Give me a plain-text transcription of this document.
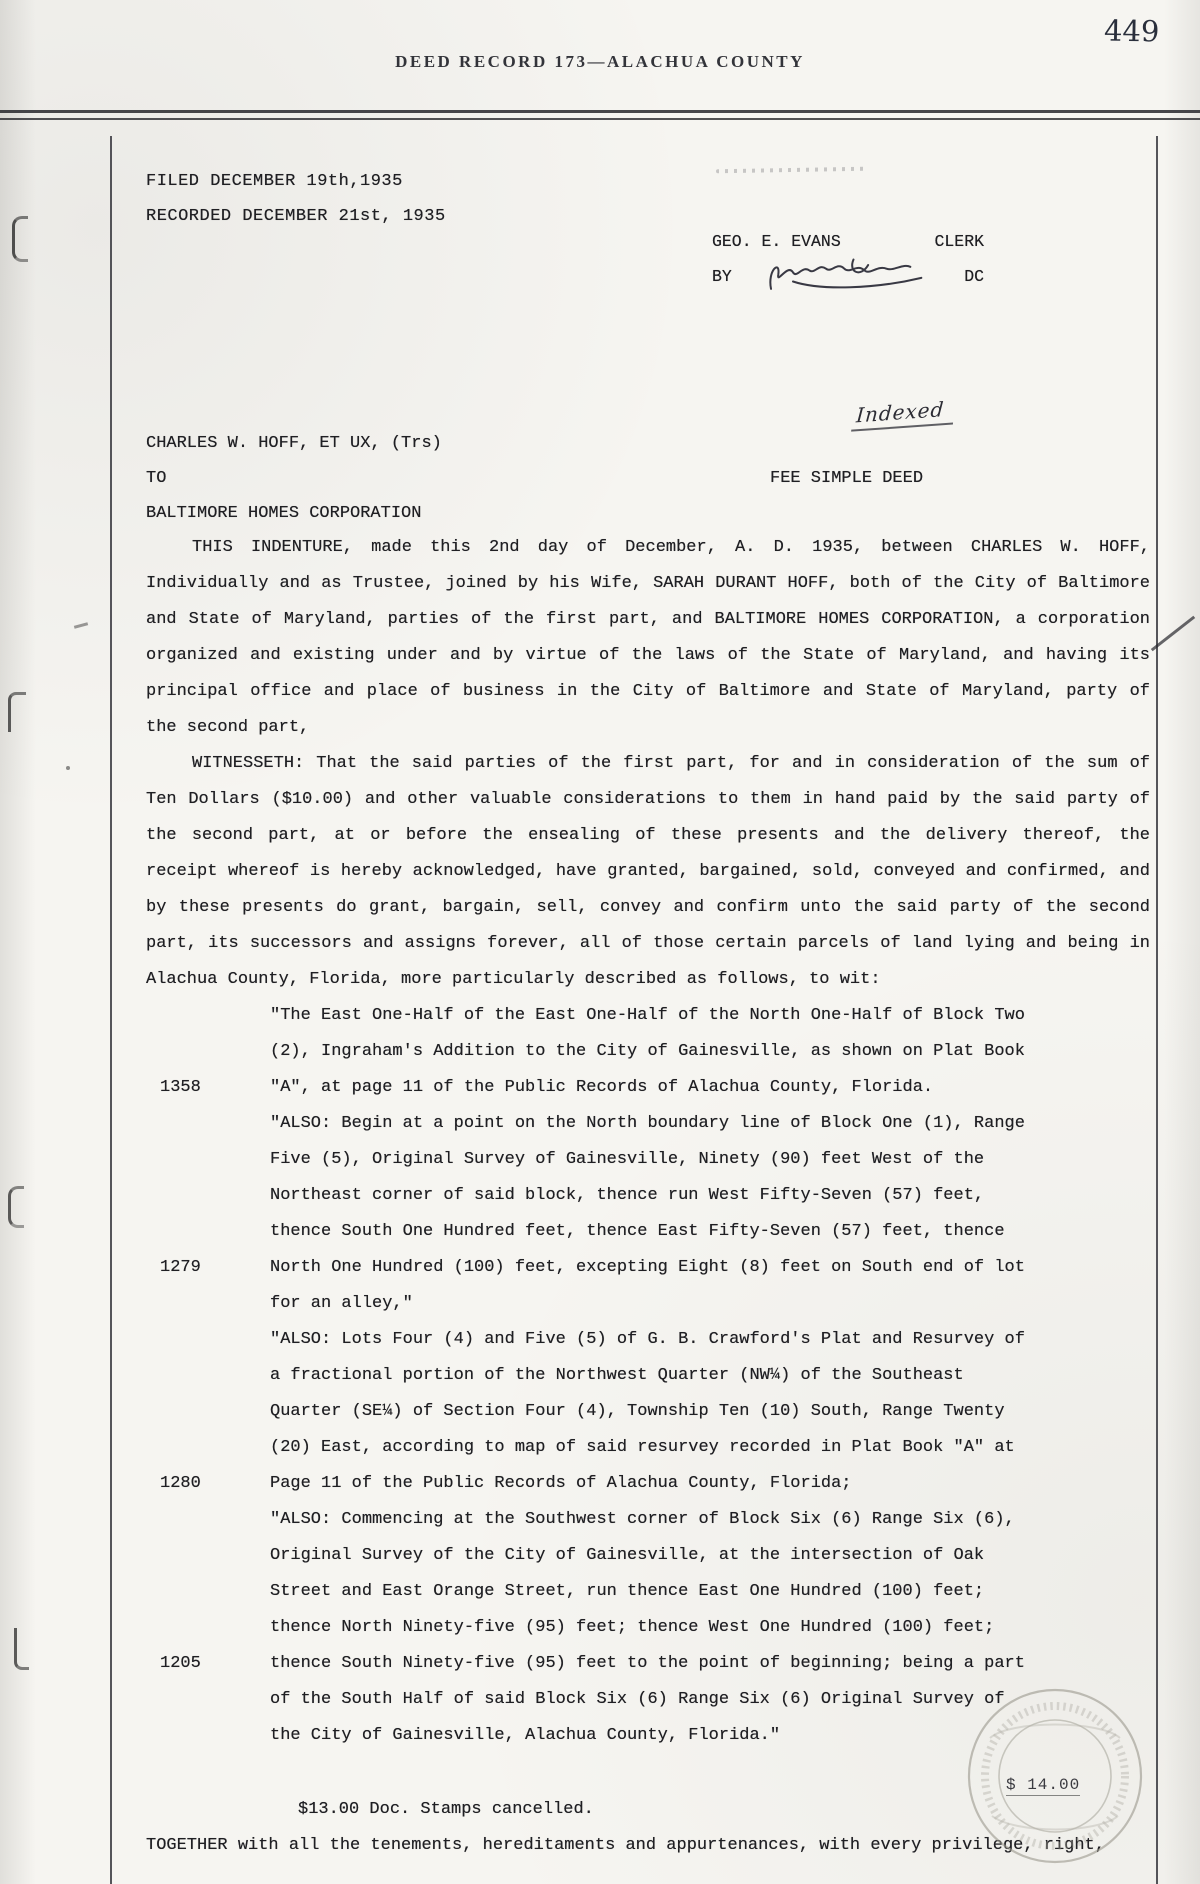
449
DEED RECORD 173—ALACHUA COUNTY
FILED DECEMBER 19th,1935
RECORDED DECEMBER 21st, 1935
GEO. E. EVANS	CLERK
BY	DC
Indexed
CHARLES W. HOFF, ET UX, (Trs)
TO	FEE SIMPLE DEED
BALTIMORE HOMES CORPORATION

THIS INDENTURE, made this 2nd day of December, A. D. 1935, between CHARLES W. HOFF, Individually and as Trustee, joined by his Wife, SARAH DURANT HOFF, both of the City of Baltimore and State of Maryland, parties of the first part, and BALTIMORE HOMES CORPORATION, a corporation organized and existing under and by virtue of the laws of the State of Maryland, and having its principal office and place of business in the City of Baltimore and State of Maryland, party of the second part,

WITNESSETH: That the said parties of the first part, for and in consideration of the sum of Ten Dollars ($10.00) and other valuable considerations to them in hand paid by the said party of the second part, at or before the ensealing of these presents and the delivery thereof, the receipt whereof is hereby acknowledged, have granted, bargained, sold, conveyed and confirmed, and by these presents do grant, bargain, sell, convey and confirm unto the said party of the second part, its successors and assigns forever, all of those certain parcels of land lying and being in Alachua County, Florida, more particularly described as follows, to wit:

1358
"The East One-Half of the East One-Half of the North One-Half of Block Two (2), Ingraham's Addition to the City of Gainesville, as shown on Plat Book "A", at page 11 of the Public Records of Alachua County, Florida.
1279
"ALSO: Begin at a point on the North boundary line of Block One (1), Range Five (5), Original Survey of Gainesville, Ninety (90) feet West of the Northeast corner of said block, thence run West Fifty-Seven (57) feet, thence South One Hundred feet, thence East Fifty-Seven (57) feet, thence North One Hundred (100) feet, excepting Eight (8) feet on South end of lot for an alley,"
1280
"ALSO: Lots Four (4) and Five (5) of G. B. Crawford's Plat and Resurvey of a fractional portion of the Northwest Quarter (NW¼) of the Southeast Quarter (SE¼) of Section Four (4), Township Ten (10) South, Range Twenty (20) East, according to map of said resurvey recorded in Plat Book "A" at Page 11 of the Public Records of Alachua County, Florida;
1205
"ALSO: Commencing at the Southwest corner of Block Six (6) Range Six (6), Original Survey of the City of Gainesville, at the intersection of Oak Street and East Orange Street, run thence East One Hundred (100) feet; thence North Ninety-five (95) feet; thence West One Hundred (100) feet; thence South Ninety-five (95) feet to the point of beginning; being a part of the South Half of said Block Six (6) Range Six (6) Original Survey of the City of Gainesville, Alachua County, Florida."
$13.00 Doc. Stamps cancelled.
TOGETHER with all the tenements, hereditaments and appurtenances, with every privilege, right,
$ 14.00
